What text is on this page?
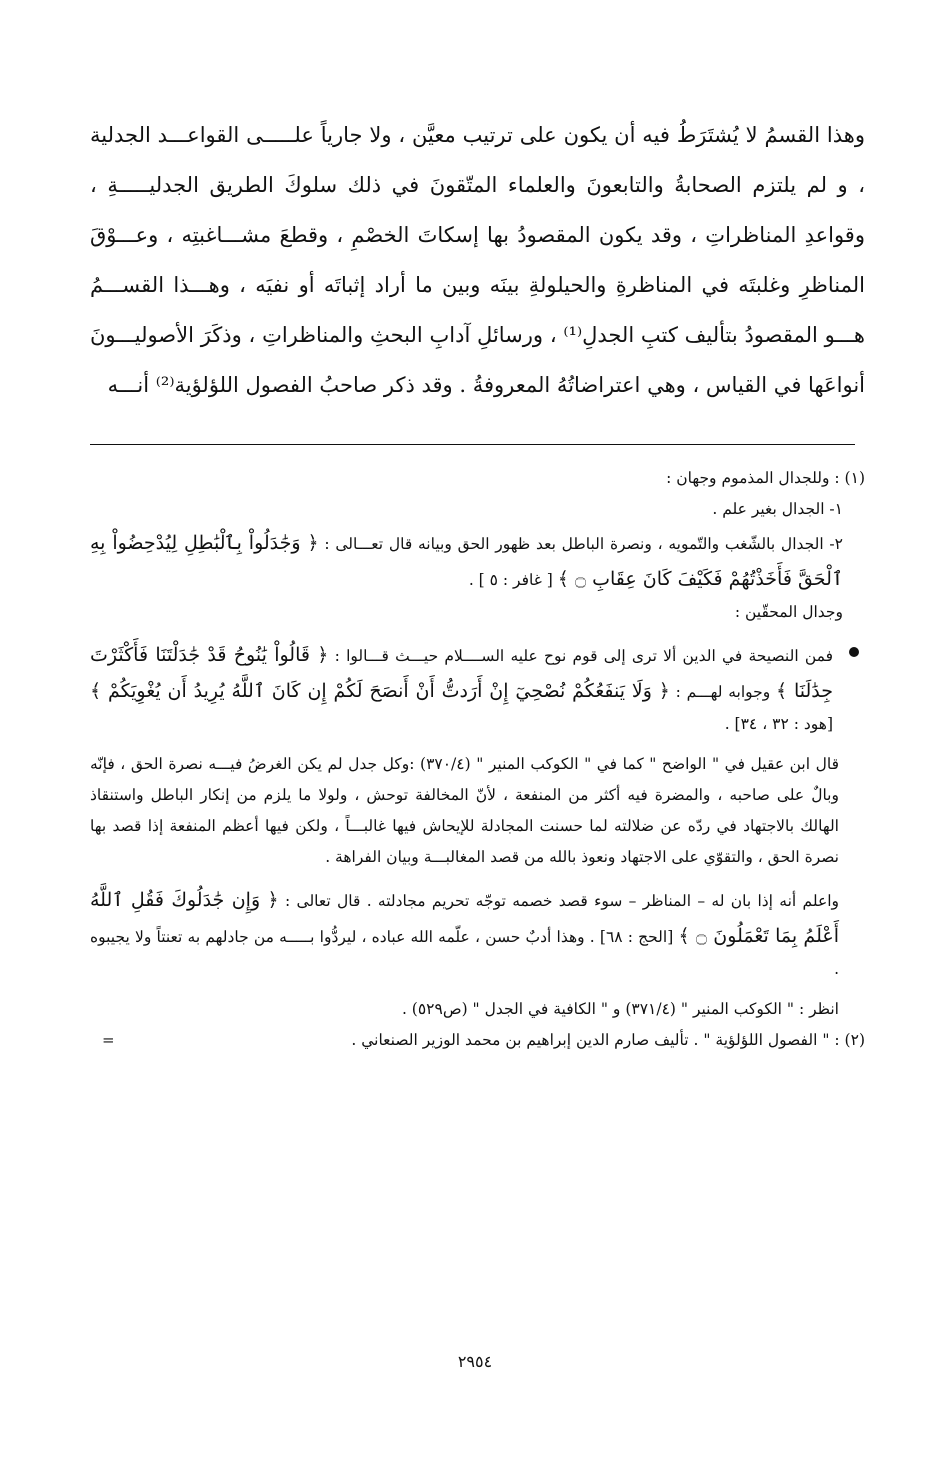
وهذا القسمُ لا يُشتَرَطُ فيه أن يكون على ترتيب معيَّن ، ولا جارياً علـــــى القواعـــد الجدلية ، و لم يلتزم الصحابةُ والتابعونَ والعلماء المتّقونَ في ذلك سلوكَ الطريق الجدليـــــةِ ، وقواعدِ المناظراتِ ، وقد يكون المقصودُ بها إسكاتَ الخصْمِ ، وقطعَ مشـــاغبتِه ، وعـــوْقَ المناظرِ وغلبتَه في المناظرةِ والحيلولةِ بينَه وبين ما أراد إثباتَه أو نفيَه ، وهـــذا القســـمُ هـــو المقصودُ بتأليف كتبِ الجدلِ⁽¹⁾ ، ورسائلِ آدابِ البحثِ والمناظراتِ ، وذكَرَ الأصوليـــونَ أنواعَها في القياس ، وهي اعتراضاتُهُ المعروفةُ . وقد ذكر صاحبُ الفصول اللؤلؤية⁽²⁾ أنـــه

(١) : وللجدال المذموم وجهان :
١- الجدال بغير علم .
٢- الجدال بالشّغب والتّمويه ، ونصرة الباطل بعد ظهور الحق وبيانه قال تعـــالى : ﴿ وَجَٰدَلُواْ بِٱلْبَٰطِلِ لِيُدْحِضُواْ بِهِ ٱلْحَقَّ فَأَخَذْتُهُمْ فَكَيْفَ كَانَ عِقَابِ ۝ ﴾ [ غافر : ٥ ] .
وجدال المحقّين :
فمن النصيحة في الدين ألا ترى إلى قوم نوح عليه الســــلام حيـــث قـــالوا : ﴿ قَالُواْ يَٰنُوحُ قَدْ جَٰدَلْتَنَا فَأَكْثَرْتَ جِدَٰلَنَا ﴾ وجوابه لهـــم : ﴿ وَلَا يَنفَعُكُمْ نُصْحِيٓ إِنْ أَرَدتُّ أَنْ أَنصَحَ لَكُمْ إِن كَانَ ٱللَّهُ يُرِيدُ أَن يُغْوِيَكُمْ ﴾ [هود : ٣٢ ، ٣٤] .
قال ابن عقيل في " الواضح " كما في " الكوكب المنير " (٣٧٠/٤) :وكل جدل لم يكن الغرضُ فيـــه نصرة الحق ، فإنّه وبالٌ على صاحبه ، والمضرة فيه أكثر من المنفعة ، لأنّ المخالفة توحش ، ولولا ما يلزم من إنكار الباطل واستنقاذ الهالك بالاجتهاد في ردّه عن ضلالته لما حسنت المجادلة للإيحاش فيها غالبـــاً ، ولكن فيها أعظم المنفعة إذا قصد بها نصرة الحق ، والتقوّي على الاجتهاد ونعوذ بالله من قصد المغالبـــة وبيان الفراهة .
واعلم أنه إذا بان له – المناظر – سوء قصد خصمه توجّه تحريم مجادلته . قال تعالى : ﴿ وَإِن جَٰدَلُوكَ فَقُلِ ٱللَّهُ أَعْلَمُ بِمَا تَعْمَلُونَ ۝ ﴾ [الحج : ٦٨] . وهذا أدبٌ حسن ، علّمه الله عباده ، ليردُّوا بـــــه من جادلهم به تعنتاً ولا يجيبوه .
انظر : " الكوكب المنير " (٣٧١/٤) و " الكافية في الجدل " (ص٥٢٩) .
(٢) : " الفصول اللؤلؤية " . تأليف صارم الدين إبراهيم بن محمد الوزير الصنعاني .
=
٢٩٥٤
